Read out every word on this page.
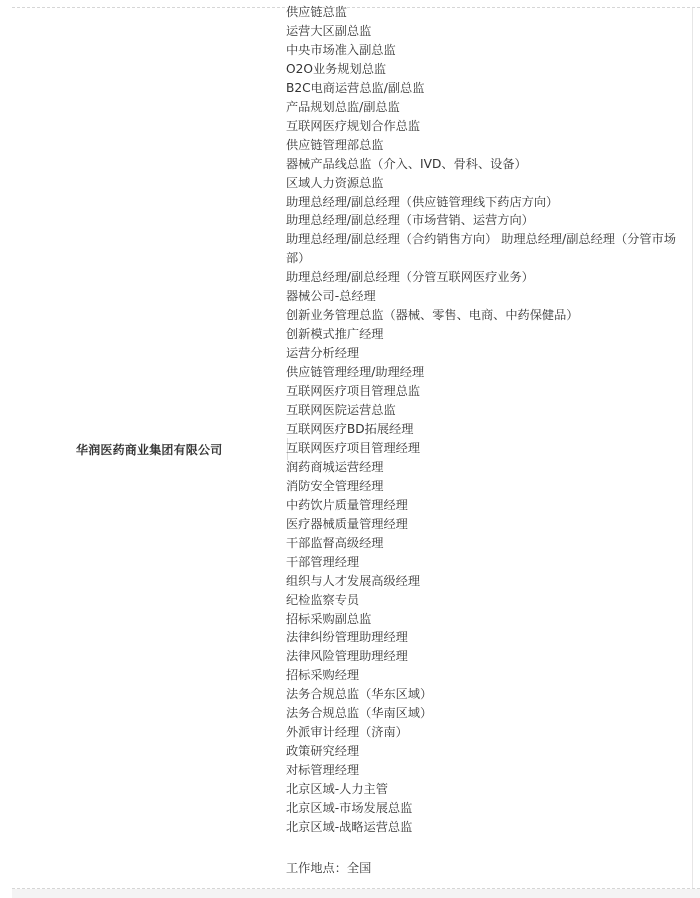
华润医药商业集团有限公司
供应链总监
运营大区副总监
中央市场准入副总监
O2O业务规划总监
B2C电商运营总监/副总监
产品规划总监/副总监
互联网医疗规划合作总监
供应链管理部总监
器械产品线总监（介入、IVD、骨科、设备）
区域人力资源总监
助理总经理/副总经理（供应链管理线下药店方向）
助理总经理/副总经理（市场营销、运营方向）
助理总经理/副总经理（合约销售方向） 助理总经理/副总经理（分管市场部）
助理总经理/副总经理（分管互联网医疗业务）
器械公司-总经理
创新业务管理总监（器械、零售、电商、中药保健品）
创新模式推广经理
运营分析经理
供应链管理经理/助理经理
互联网医疗项目管理总监
互联网医院运营总监
互联网医疗BD拓展经理
互联网医疗项目管理经理
润药商城运营经理
消防安全管理经理
中药饮片质量管理经理
医疗器械质量管理经理
干部监督高级经理
干部管理经理
组织与人才发展高级经理
纪检监察专员
招标采购副总监
法律纠纷管理助理经理
法律风险管理助理经理
招标采购经理
法务合规总监（华东区域）
法务合规总监（华南区域）
外派审计经理（济南）
政策研究经理
对标管理经理
北京区域-人力主管
北京区域-市场发展总监
北京区域-战略运营总监
工作地点：全国
